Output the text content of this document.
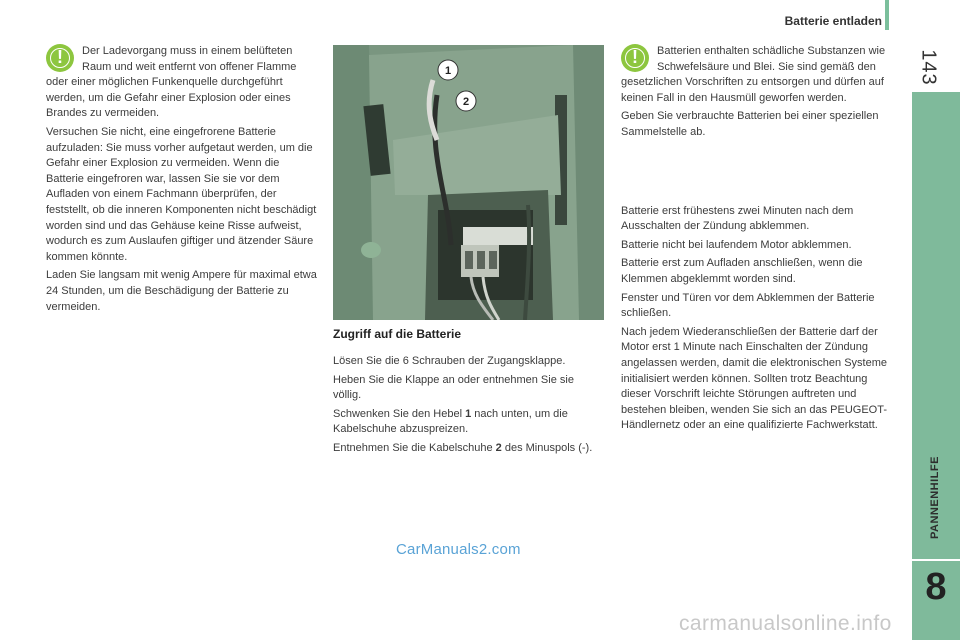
Batterie entladen
143
PANNENHILFE
8

! Der Ladevorgang muss in einem belüfteten Raum und weit entfernt von offener Flamme oder einer möglichen Funkenquelle durchgeführt werden, um die Gefahr einer Explosion oder eines Brandes zu vermeiden.

Versuchen Sie nicht, eine eingefrorene Batterie aufzuladen: Sie muss vorher aufgetaut werden, um die Gefahr einer Explosion zu vermeiden. Wenn die Batterie eingefroren war, lassen Sie sie vor dem Aufladen von einem Fachmann überprüfen, der feststellt, ob die inneren Komponenten nicht beschädigt worden sind und das Gehäuse keine Risse aufweist, wodurch es zum Auslaufen giftiger und ätzender Säure kommen könnte.

Laden Sie langsam mit wenig Ampere für maximal etwa 24 Stunden, um die Beschädigung der Batterie zu vermeiden.

1
2
Zugriff auf die Batterie

Lösen Sie die 6 Schrauben der Zugangsklappe.

Heben Sie die Klappe an oder entnehmen Sie sie völlig.

Schwenken Sie den Hebel 1 nach unten, um die Kabelschuhe abzuspreizen.

Entnehmen Sie die Kabelschuhe 2 des Minuspols (-).

! Batterien enthalten schädliche Substanzen wie Schwefelsäure und Blei. Sie sind gemäß den gesetzlichen Vorschriften zu entsorgen und dürfen auf keinen Fall in den Hausmüll geworfen werden.

Geben Sie verbrauchte Batterien bei einer speziellen Sammelstelle ab.

Batterie erst frühestens zwei Minuten nach dem Ausschalten der Zündung abklemmen.

Batterie nicht bei laufendem Motor abklemmen.

Batterie erst zum Aufladen anschließen, wenn die Klemmen abgeklemmt worden sind.

Fenster und Türen vor dem Abklemmen der Batterie schließen.

Nach jedem Wiederanschließen der Batterie darf der Motor erst 1 Minute nach Einschalten der Zündung angelassen werden, damit die elektronischen Systeme initialisiert werden können. Sollten trotz Beachtung dieser Vorschrift leichte Störungen auftreten und bestehen bleiben, wenden Sie sich an das PEUGEOT-Händlernetz oder an eine qualifizierte Fachwerkstatt.

CarManuals2.com
carmanualsonline.info
